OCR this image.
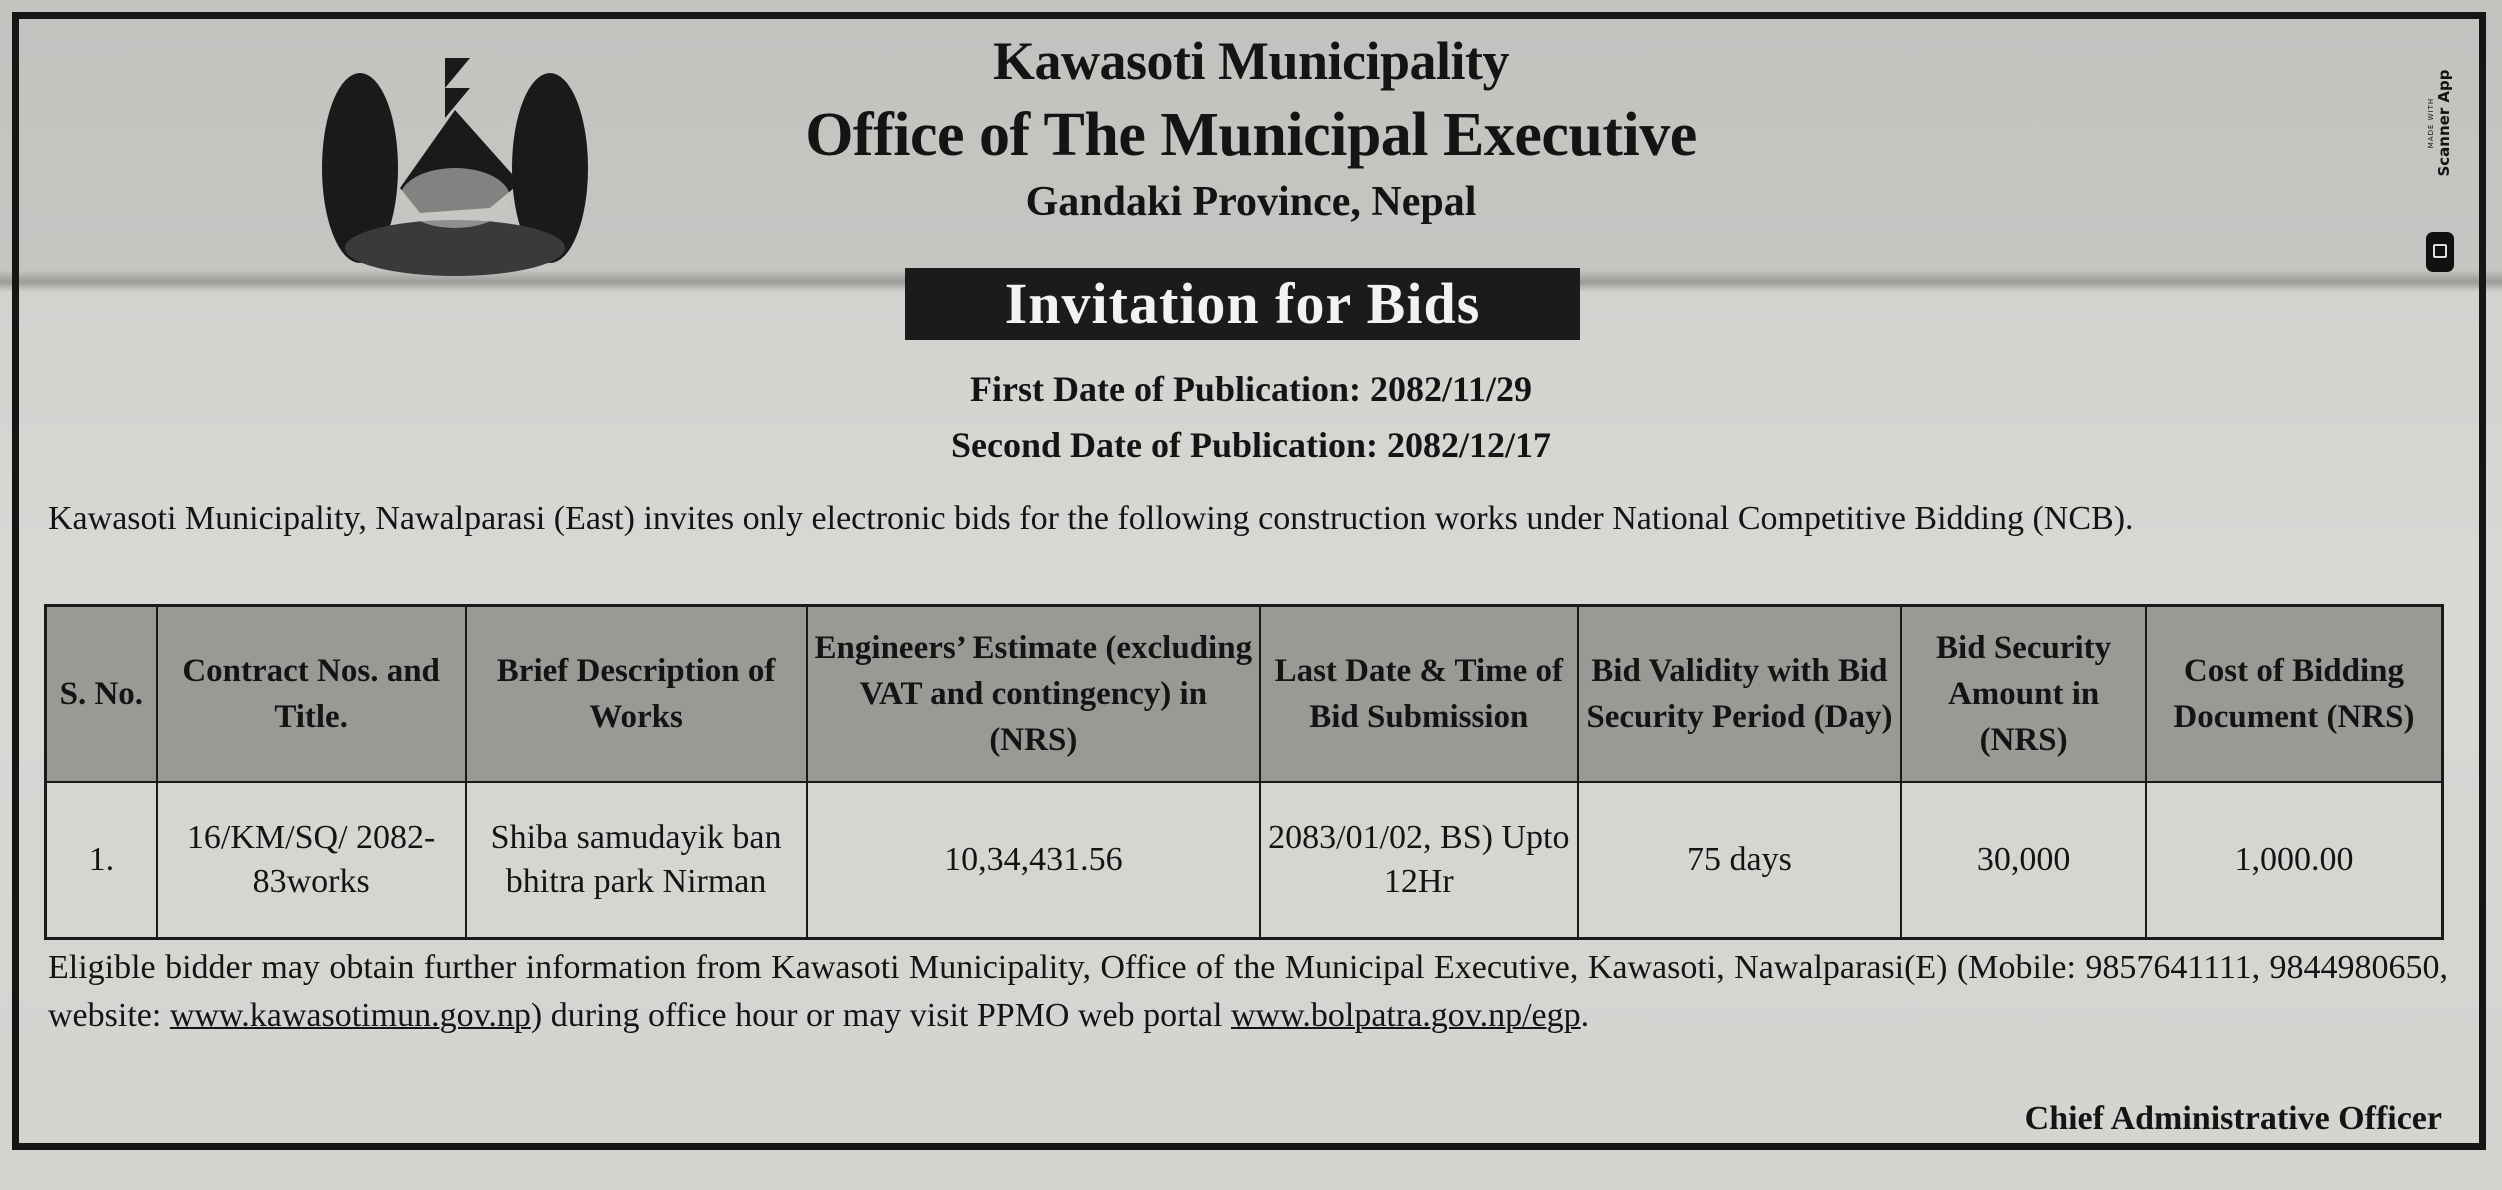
Kawasoti Municipality
Office of The Municipal Executive
Gandaki Province, Nepal
Invitation for Bids
First Date of Publication: 2082/11/29
Second Date of Publication: 2082/12/17
Kawasoti Municipality, Nawalparasi (East) invites only electronic bids for the following construction works under National Competitive Bidding (NCB).
S. No.	Contract Nos. and Title.	Brief Description of Works	Engineers’ Estimate (excluding VAT and contingency) in (NRS)	Last Date & Time of Bid Submission	Bid Validity with Bid Security Period (Day)	Bid Security Amount in (NRS)	Cost of Bidding Document (NRS)
1.	16/KM/SQ/ 2082-83works	Shiba samudayik ban bhitra park Nirman	10,34,431.56	2083/01/02, BS) Upto 12Hr	75 days	30,000	1,000.00
Eligible bidder may obtain further information from Kawasoti Municipality, Office of the Municipal Executive, Kawasoti, Nawalparasi(E) (Mobile: 9857641111, 9844980650, website: www.kawasotimun.gov.np) during office hour or may visit PPMO web portal www.bolpatra.gov.np/egp.
Chief Administrative Officer
MADE WITH Scanner App
